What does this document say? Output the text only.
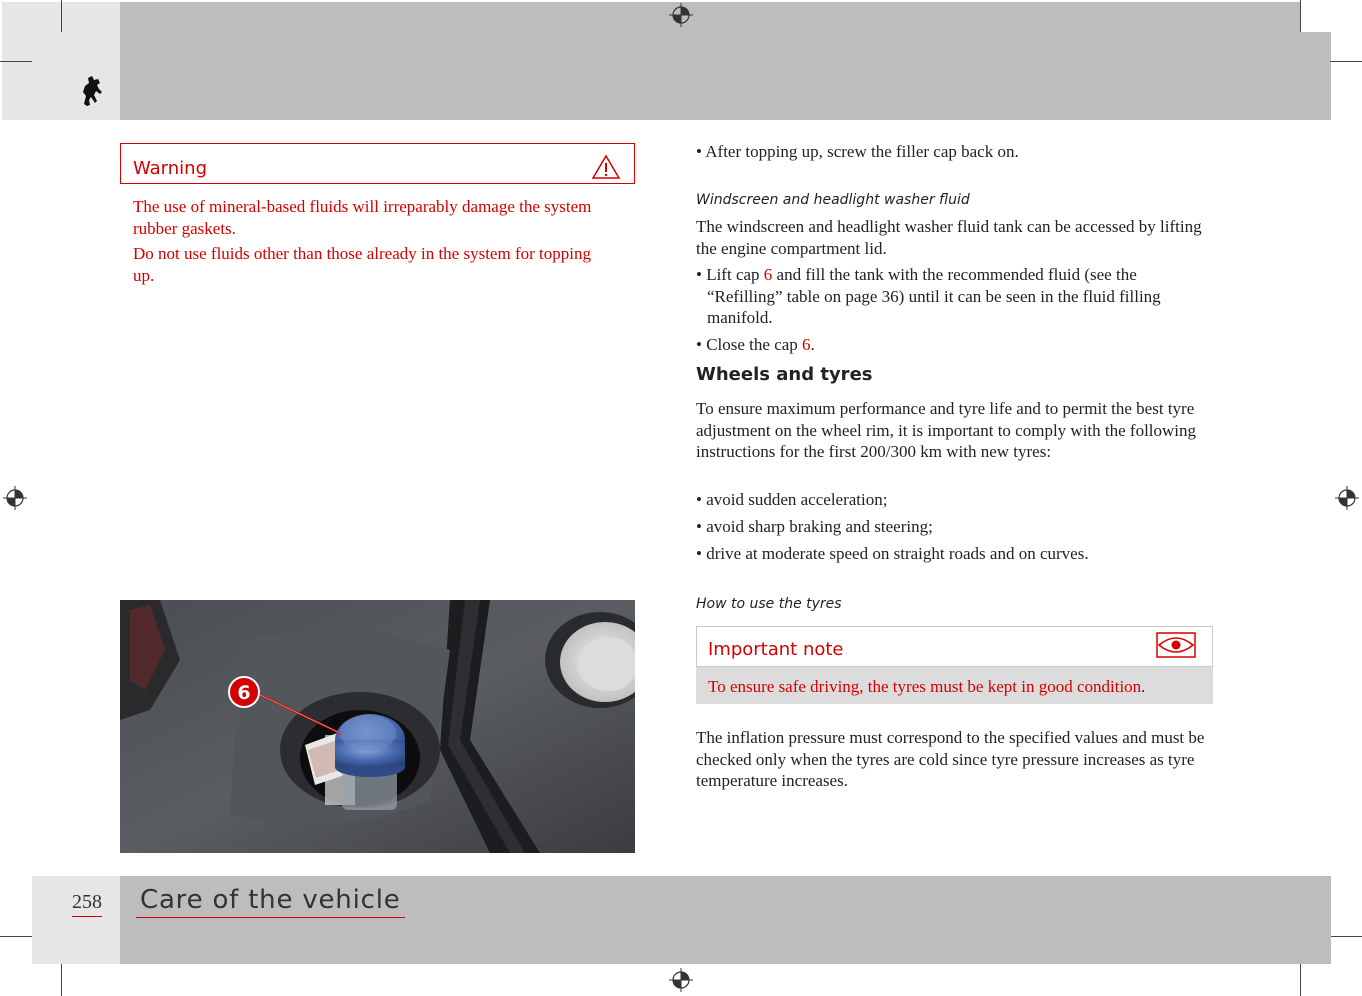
Warning
The use of mineral-based fluids will irreparably damage the system rubber gaskets.
Do not use fluids other than those already in the system for topping up.
6
• After topping up, screw the filler cap back on.
Windscreen and headlight washer fluid
The windscreen and headlight washer fluid tank can be accessed by lifting the engine compartment lid.
• Lift cap 6 and fill the tank with the recommended fluid (see the “Refilling” table on page 36) until it can be seen in the fluid filling manifold.
• Close the cap 6.
Wheels and tyres
To ensure maximum performance and tyre life and to permit the best tyre adjustment on the wheel rim, it is important to comply with the following instructions for the first 200/300 km with new tyres:
• avoid sudden acceleration;
• avoid sharp braking and steering;
• drive at moderate speed on straight roads and on curves.
How to use the tyres
Important note
To ensure safe driving, the tyres must be kept in good condition.
The inflation pressure must correspond to the specified values and must be checked only when the tyres are cold since tyre pressure increases as tyre temperature increases.
258 Care of the vehicle
